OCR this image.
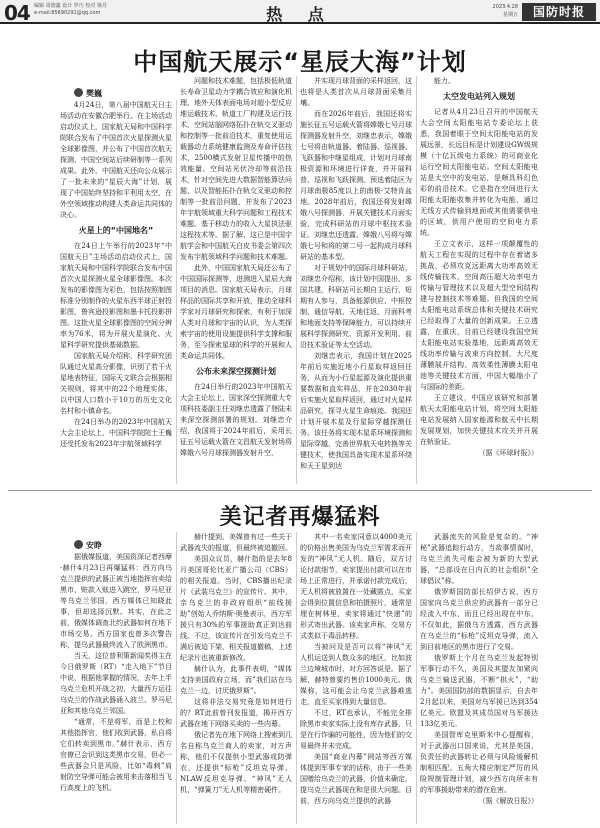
04 编辑 周德鑫 设计 罗巧 校对 梁丹
e-mail:85690291@qq.com	热 点	2023.4.28
星期五	国防时报
中国航天展示“星辰大海”计划
樊巍

4月24日，第八届中国航天日主场活动在安徽合肥举行。在主场活动启动仪式上，国家航天局和中国科学院联合发布了中国首次火星探测火星全球影像图，并公布了中国首次航天探测、中国空间站后续研制等一系列成果。此外，中国航天还向公众展示了一批未来的“星辰大海”计划，展现了中国始终坚持和平利用太空，在外空领域推动构建人类命运共同体的决心。

火星上的“中国地名”

在24日上午举行的2023年“中国航天日”主场活动启动仪式上，国家航天局和中国科学院联合发布中国首次火星探测火星全球影像图。本次发布的影像图为彩色，包括按照制图标准分别制作的火星东西半球正射投影图，鲁宾逊投影图和墨卡托投影拼图。这批火星全球影像图的空间分辨率为76米，将为开展火星演化、火星科学研究提供基础数据。

国家航天局介绍称，科学研究团队通过火星高分影像，识别了若干火星地表特征，国际天文联合会根据相关规则，将其中的22个地理实体，以中国人口数小于10万的历史文化名村和小镇命名。

在24日举办的2023年中国航天大会主论坛上，中国科学院院士王巍还受托发布2023年宇航领域科学

问题和技术难题，包括极低轨道长寿命卫星动力学耦合效应和演化机理、地外天体表面电场对超小型反应堆运载技术、轨道工厂构建及运行技术、空间站脑网络拓扑在轨交叉驱动和控制等一批前沿技术，重复使用运载器动力系统健康监测及寿命评估技术，2500横式发射卫星传播中的热效能量、空间站光伏冷却等前沿技术，针对空间先进大数据智能算法问题，以及智能拓扑在轨交叉驱动和控制等一批前沿问题，并发布了2023年宇航领域重大科学问题和工程技术难题。基于移动力的收入大星执法驱这程技术等。据了解，这已是中国宇航学会和中国航天白皮书委会第四次发布宇航领域科学问题和技术难题。

此外，中国国家航天局还公布了中国国际探测等，进测进入星辰大海项目的消息。国家航天局表示，月球样品的国际共享和开放，推动全球科学家对月球研究和探索，有利于加深人类对月球和宇宙的认识，为人类探索宇宙的使用设施提供科学支撑和服务，至今探索星球的科学的开展和人类命运共同体。

公布未来深空探测计划

在24日举行的2023年中国航天大会主论坛上，国家深空探测重大专项科技委副主任刘继忠透露了登陆未来深空探测部署的规划。刘继忠介绍，我国将于2024年前后，采用长征五号运载火箭在文昌航天发射场将嫦娥六号月球探测器发射升空，

并实现月球背面的采样返回，这也将是人类首次从月球背面采集月壤。

而在2026年前后，我国还将实施长征五号运载火箭将嫦娥七号月球探测器发射升空，刘继忠表示，嫦娥七号将由轨道器、着陆器、巡视器、飞跃器和中继星组成，计划对月球南极资源和环境进行详查，并开展科普、巡视和飞跃探测。预选着陆区为月球南极85度以上的南极-艾特肯盆地。2028年前后，我国还将发射嫦娥八号探测器，开展关键技术月面实验，完成科研站的月球中枢技术验证。刘继忠还透露，嫦娥八号将与嫦娥七号和将的第二号一起构成月球科研站的基本型。

对于规划中的国际月球科研站，刘继忠介绍称，该计划中国提出，多国共建，科研站可长期自主运行，短期有人参与，具备能源供应、中枢控制、通信导航、天地往返、月面科考和地面支持等保障能力，可以持续开展科学探测研究、资源开发利用、前沿技术验证等太空活动。

刘继忠表示，我国计划在2025年前后实施近地小行星取样返回任务，从而为小行星起源及演化提供重要数据和直实样品，并在2030年前后实施火星取样返回，通过对火星样品研究，探寻火星生命痕迹。我国还计划开展木星及行星际穿越探测任务。该任务将实现木星系环境探测和星际穿越，完善世界航天电转换等关键技术，使我国具备实现木星系环绕和天王星到达

能力。

太空发电站列入规划

记者从4月23日召开的中国航天大会空间太阳能电站专委论坛上获悉，我国着眼于空间太阳能电站的发展远景，长远目标是计划建设GW级规模（十亿瓦级电力系统）的可商业化运行空间太阳能电站。空间太阳能电站是太空中的发电站，是颇具科幻色彩的前沿技术。它是指在空间进行太阳能太阳能收集并转化为电能，通过无线方式传输到地面或其他需要供电的区域，供用户使用的空间电力系统。

王立文表示，这样一项颠覆性的航天工程在实现的过程中存在着诸多挑战，必须攻克远距离大功率高效无线传输技术，空间高压超大功率电力传输与管理技术以及超大型空间结构建与控制技术等难题。但我国的空间太阳能电站系统总体和关键技术研究已经取得了大量的创新成果。王立透露，在重庆，目前已经建设我国空间太阳能电站实验基地，远距离高效无线功率传输与波束方向控制、大尺度薄膜展开结构、高效柔性薄膜太阳电池等关键技术方面，中国大幅缩小了与国际的差距。

王立建议，中国应该研究和部署航天太阳能电站计划，将空间太阳能电站发展纳入国家能源和航天中长期发展规划，加快关键技术攻关并开展在轨验证。

（据《环球时报》）

美记者再爆猛料
安睁

据俄媒报道，美国资深记者西摩·赫什4月23日再爆猛料：西方向乌克兰提供的武器正被当地指挥官卖给黑市，赃款入账进入跳空，罗马尼亚等乌克兰邻国，西方媒体已知晓此事，但却选择沉默。其实，在此之前，俄媒体调查北约武器如何在地下市场交易。西方国家也曾多次警告称，提乌武器最终流入了欧洲黑市。

当天，这位普利策新闻奖得主在今日俄罗斯（RT）“走入地下”节目中说，根据他掌握的情况，去年上半乌克兰危机开战之初，大量西方运往乌克兰的作战武器涌入波兰、罗马尼亚和其他乌克兰邻国。

“通常，不是将军，而是上校和其他指挥官，他们收到武器，私自将它们转卖到黑市。”赫什表示，西方官僚已会识到这类黑市交易，但必一些武器会只是风险，比如“毒刺”肩射防空导弹可能会被用来击落相当飞行高度上的飞机。

赫什提到，美媒曾有过一些关于武器流失的报道，但最终被追撤回。

美国众议员，赫什指的是去年8月美国哥伦比亚广播公司（CBS）的相关报道。当时，CBS播出纪录片《武装乌克兰》的宣传片。其中，亲乌克兰的非政府组织“前线援助”创始人乔纳斯·奥曼表示，西方军援只有30%的军事援助真正到达前线。不过，该宣传片在引发乌克兰不满后被迫下架，相关报道撤稿，上述纪录片也被重新修改。

赫什认为，此事件表明，“媒体支持美国政府立场，而”我们站在乌克兰一边，讨厌俄罗斯”。

这将非法交易究竟是如何进行的？RT此前曾刊发报道，揭开西方武器在地下网络买卖的一些内幕。

俄记者先在地下网络上搜索到几名自称乌克兰商人的卖家，对方声称，他们不仅提供小型武器或防弹衣，还提供“标枪”反坦克导弹、NLAW反坦克导弹、“神风”无人机、“弹簧刀”无人机等精密硬件。

其中一名卖家同意以4000美元的价格出售美国为乌克兰军需求而开发的“神风”无人机。随后，双方讨论付款细节，卖家提出付款可以在市场上正常进行，并承诺付款完成后，无人机将被放置在一处藏匿点，买家会得到位置信息和拍摄照片，通常是埋在树林里，卖家将通过“快递”的形式寄出武器。该卖家声称，交易方式类似于毒品转移。

当被问及是否可以将“神风”无人机运送到人数众多的地区，比如波兰边境城市时，对方回答说是。据了解，赫特曾要约售价1000美元。俄媒称，这可能会让乌克兰武器难逃走，直至买家得到大量信息。

不过，RT也承认，不能完全排除黑市卖家实际上没有库存武器，只是在行诈骗的可能性，因为他们的交易最终并未完成。

美国“商业内幕”网站等西方媒体提到军事专家的话称，由于一些美国赠给乌克兰的武器，价值未确定，提乌克兰武器现在和是很大问题。目前，西方向乌克兰提供的武器

武器流失的风险是复杂的。“神秘”武器追踪行动方，当敌事情谋时，乌克兰流失可能会被为新的大型武器，“总部设在日内瓦的社会组织”全球倡议”称。

俄罗斯国防部长绍伊古说，西方国家向乌克兰供应的武器有一部分已经流入中东，而且已经出现在中东，不仅如此，据俄乌方透露，西方武器在乌克兰的“标枪”反坦克导弹，流入到目前地区的黑市进行了交易。

俄罗斯上个月在乌克兰发起特别军事行动不久，美国及其盟友加紧向乌克兰输送武器，不断“拱火”，“助力”。美国国防部的数据显示，自去年2月起以来，美国对乌军援已达到354亿美元。欧盟及其成员国对乌军援达133亿美元。

美国智库克里斯米中心提醒称，对于武器出口国来说，尤其是美国，负责任的武器转让必须与风险缓解机制相匹配。五角大楼应制定严厉的风险规制管理计划，减少西方向所未有的军事援助带来的潜在危害。

（据《解放日报》）
